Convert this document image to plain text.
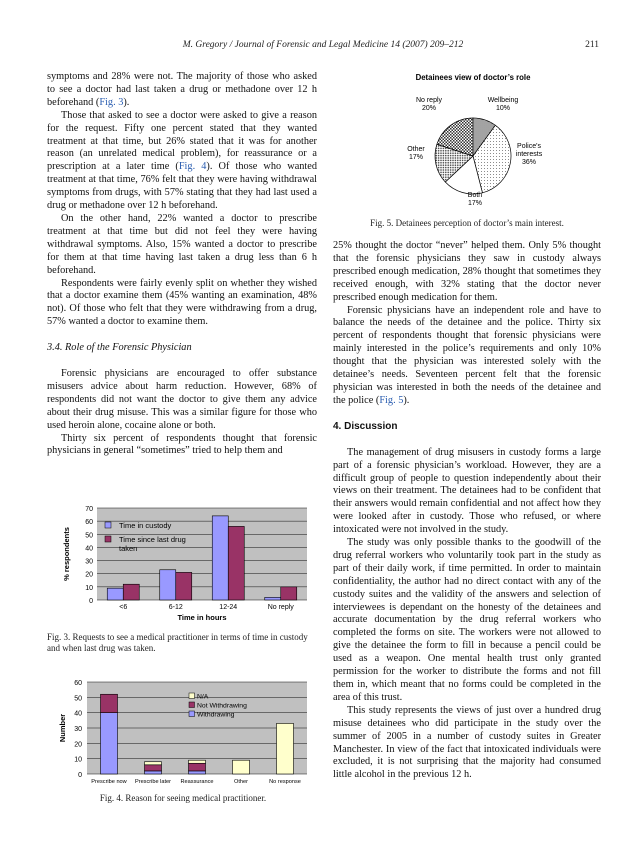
M. Gregory / Journal of Forensic and Legal Medicine 14 (2007) 209–212	211

symptoms and 28% were not. The majority of those who asked to see a doctor had last taken a drug or methadone over 12 h beforehand (Fig. 3).

Those that asked to see a doctor were asked to give a reason for the request. Fifty one percent stated that they wanted treatment at that time, but 26% stated that it was for another reason (an unrelated medical problem), for reassurance or a prescription at a later time (Fig. 4). Of those who wanted treatment at that time, 76% felt that they were having withdrawal symptoms from drugs, with 57% stating that they had last used a drug or methadone over 12 h beforehand.

On the other hand, 22% wanted a doctor to prescribe treatment at that time but did not feel they were having withdrawal symptoms. Also, 15% wanted a doctor to prescribe for them at that time having last taken a drug less than 6 h beforehand.

Respondents were fairly evenly split on whether they wished that a doctor examine them (45% wanting an examination, 48% not). Of those who felt that they were withdrawing from a drug, 57% wanted a doctor to examine them.

3.4. Role of the Forensic Physician

Forensic physicians are encouraged to offer substance misusers advice about harm reduction. However, 68% of respondents did not want the doctor to give them any advice about their drug misuse. This was a similar figure for those who used heroin alone, cocaine alone or both.

Thirty six percent of respondents thought that forensic physicians in general “sometimes” tried to help them and

0
10
20
30
40
50
60
70
<6	6-12	12-24	No reply
Time in hours
% respondents
Time in custody
Time since last drug taken
Fig. 3. Requests to see a medical practitioner in terms of time in custody and when last drug was taken.
0
10
20
30
40
50
60
Prescribe now Prescribe later Reassurance	Other	No response
Number
N/A
Not Withdrawing
Withdrawing
Fig. 4. Reason for seeing medical practitioner.
Detainees view of doctor’s role
Wellbeing 10%
Police's interests 36%
Both 17%
Other 17%
No reply 20%
Fig. 5. Detainees perception of doctor’s main interest.

25% thought the doctor “never” helped them. Only 5% thought that the forensic physicians they saw in custody always prescribed enough medication, 28% thought that sometimes they received enough, with 32% stating that the doctor never prescribed enough medication for them.

Forensic physicians have an independent role and have to balance the needs of the detainee and the police. Thirty six percent of respondents thought that forensic physicians were mainly interested in the police’s requirements and only 10% thought that the physician was interested solely with the detainee’s needs. Seventeen percent felt that the forensic physician was interested in both the needs of the detainee and the police (Fig. 5).

4. Discussion

The management of drug misusers in custody forms a large part of a forensic physician’s workload. However, they are a difficult group of people to question independently about their views on their treatment. The detainees had to be confident that their answers would remain confidential and not affect how they were looked after in custody. Those who refused, or where intoxicated were not involved in the study.

The study was only possible thanks to the goodwill of the drug referral workers who voluntarily took part in the study as part of their daily work, if time permitted. In order to maintain confidentiality, the author had no direct contact with any of the custody suites and the validity of the answers and selection of interviewees is dependant on the honesty of the detainees and accurate documentation by the drug referral workers who completed the forms on site. The workers were not allowed to give the detainee the form to fill in because a pencil could be used as a weapon. One mental health trust only granted permission for the worker to distribute the forms and not fill them in, which meant that no forms could be completed in the area of this trust.

This study represents the views of just over a hundred drug misuse detainees who did participate in the study over the summer of 2005 in a number of custody suites in Greater Manchester. In view of the fact that intoxicated individuals were excluded, it is not surprising that the majority had consumed little alcohol in the previous 12 h.
